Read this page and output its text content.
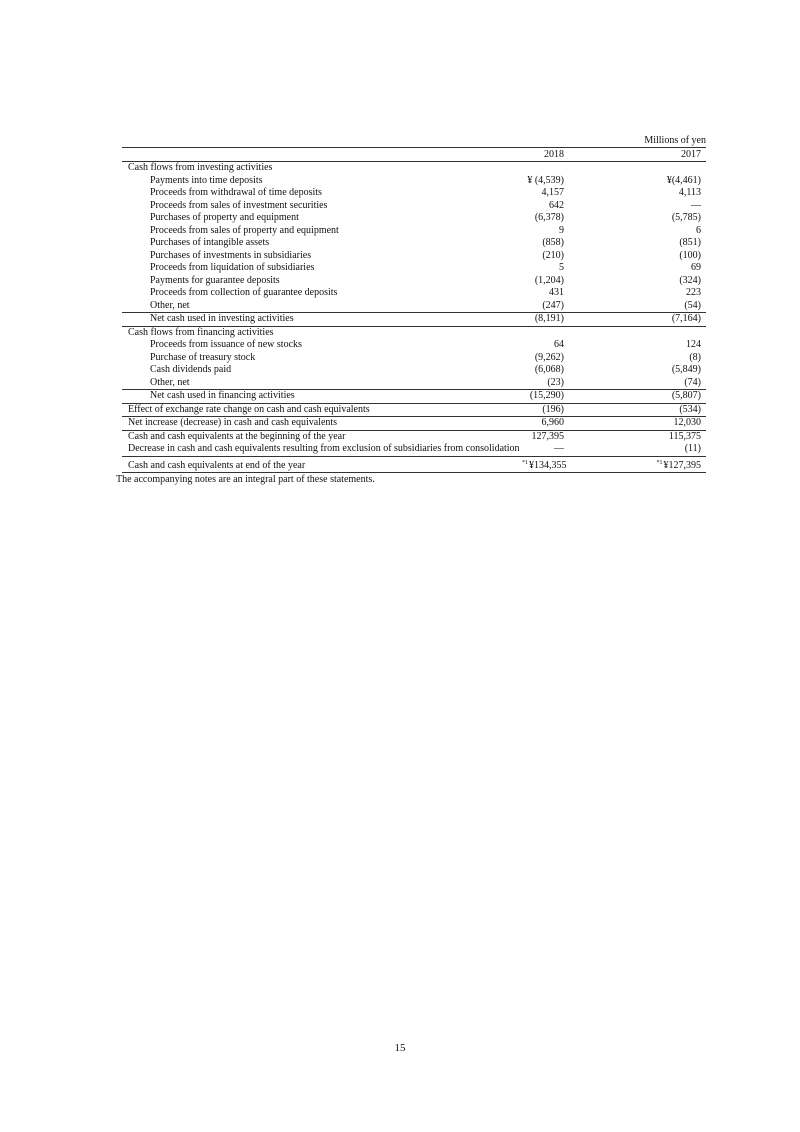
Millions of yen
	2018	2017
Cash flows from investing activities		
Payments into time deposits	¥ (4,539)	¥(4,461)
Proceeds from withdrawal of time deposits	4,157	4,113
Proceeds from sales of investment securities	642	—
Purchases of property and equipment	(6,378)	(5,785)
Proceeds from sales of property and equipment	9	6
Purchases of intangible assets	(858)	(851)
Purchases of investments in subsidiaries	(210)	(100)
Proceeds from liquidation of subsidiaries	5	69
Payments for guarantee deposits	(1,204)	(324)
Proceeds from collection of guarantee deposits	431	223
Other, net	(247)	(54)
Net cash used in investing activities	(8,191)	(7,164)
Cash flows from financing activities		
Proceeds from issuance of new stocks	64	124
Purchase of treasury stock	(9,262)	(8)
Cash dividends paid	(6,068)	(5,849)
Other, net	(23)	(74)
Net cash used in financing activities	(15,290)	(5,807)
Effect of exchange rate change on cash and cash equivalents	(196)	(534)
Net increase (decrease) in cash and cash equivalents	6,960	12,030
Cash and cash equivalents at the beginning of the year	127,395	115,375
Decrease in cash and cash equivalents resulting from exclusion of subsidiaries from consolidation	—	(11)
Cash and cash equivalents at end of the year	$^{*1}$¥134,355	$^{*1}$¥127,395
The accompanying notes are an integral part of these statements.
15
